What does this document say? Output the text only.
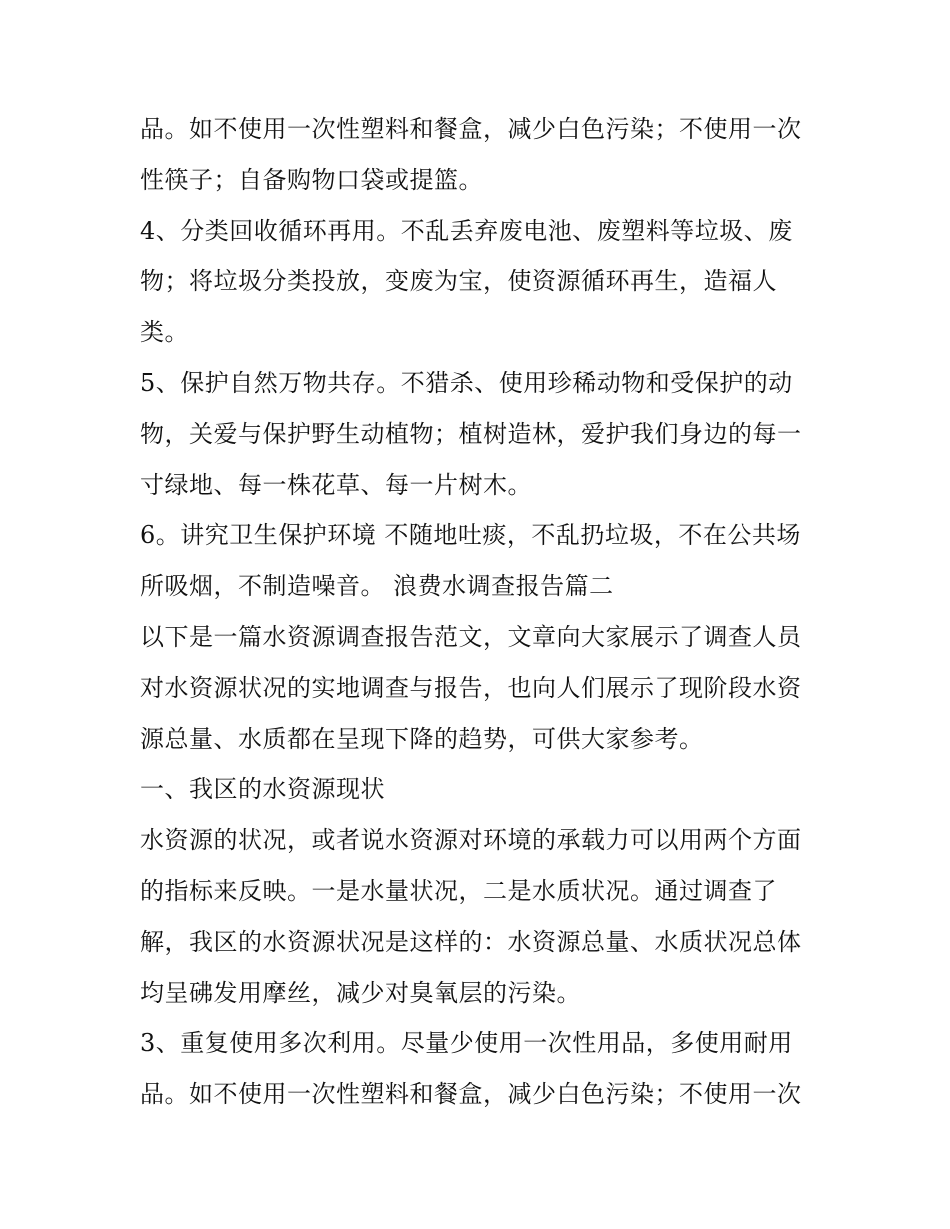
品。如不使用一次性塑料和餐盒，减少白色污染；不使用一次
性筷子；自备购物口袋或提篮。
4、分类回收循环再用。不乱丢弃废电池、废塑料等垃圾、废
物；将垃圾分类投放，变废为宝，使资源循环再生，造福人
类。
5、保护自然万物共存。不猎杀、使用珍稀动物和受保护的动
物，关爱与保护野生动植物；植树造林，爱护我们身边的每一
寸绿地、每一株花草、每一片树木。
6。讲究卫生保护环境 不随地吐痰，不乱扔垃圾，不在公共场
所吸烟，不制造噪音。 浪费水调查报告篇二
以下是一篇水资源调查报告范文，文章向大家展示了调查人员
对水资源状况的实地调查与报告，也向人们展示了现阶段水资
源总量、水质都在呈现下降的趋势，可供大家参考。
一、我区的水资源现状
水资源的状况，或者说水资源对环境的承载力可以用两个方面
的指标来反映。一是水量状况，二是水质状况。通过调查了
解，我区的水资源状况是这样的：水资源总量、水质状况总体
均呈砩发用摩丝，减少对臭氧层的污染。
3、重复使用多次利用。尽量少使用一次性用品，多使用耐用
品。如不使用一次性塑料和餐盒，减少白色污染；不使用一次
